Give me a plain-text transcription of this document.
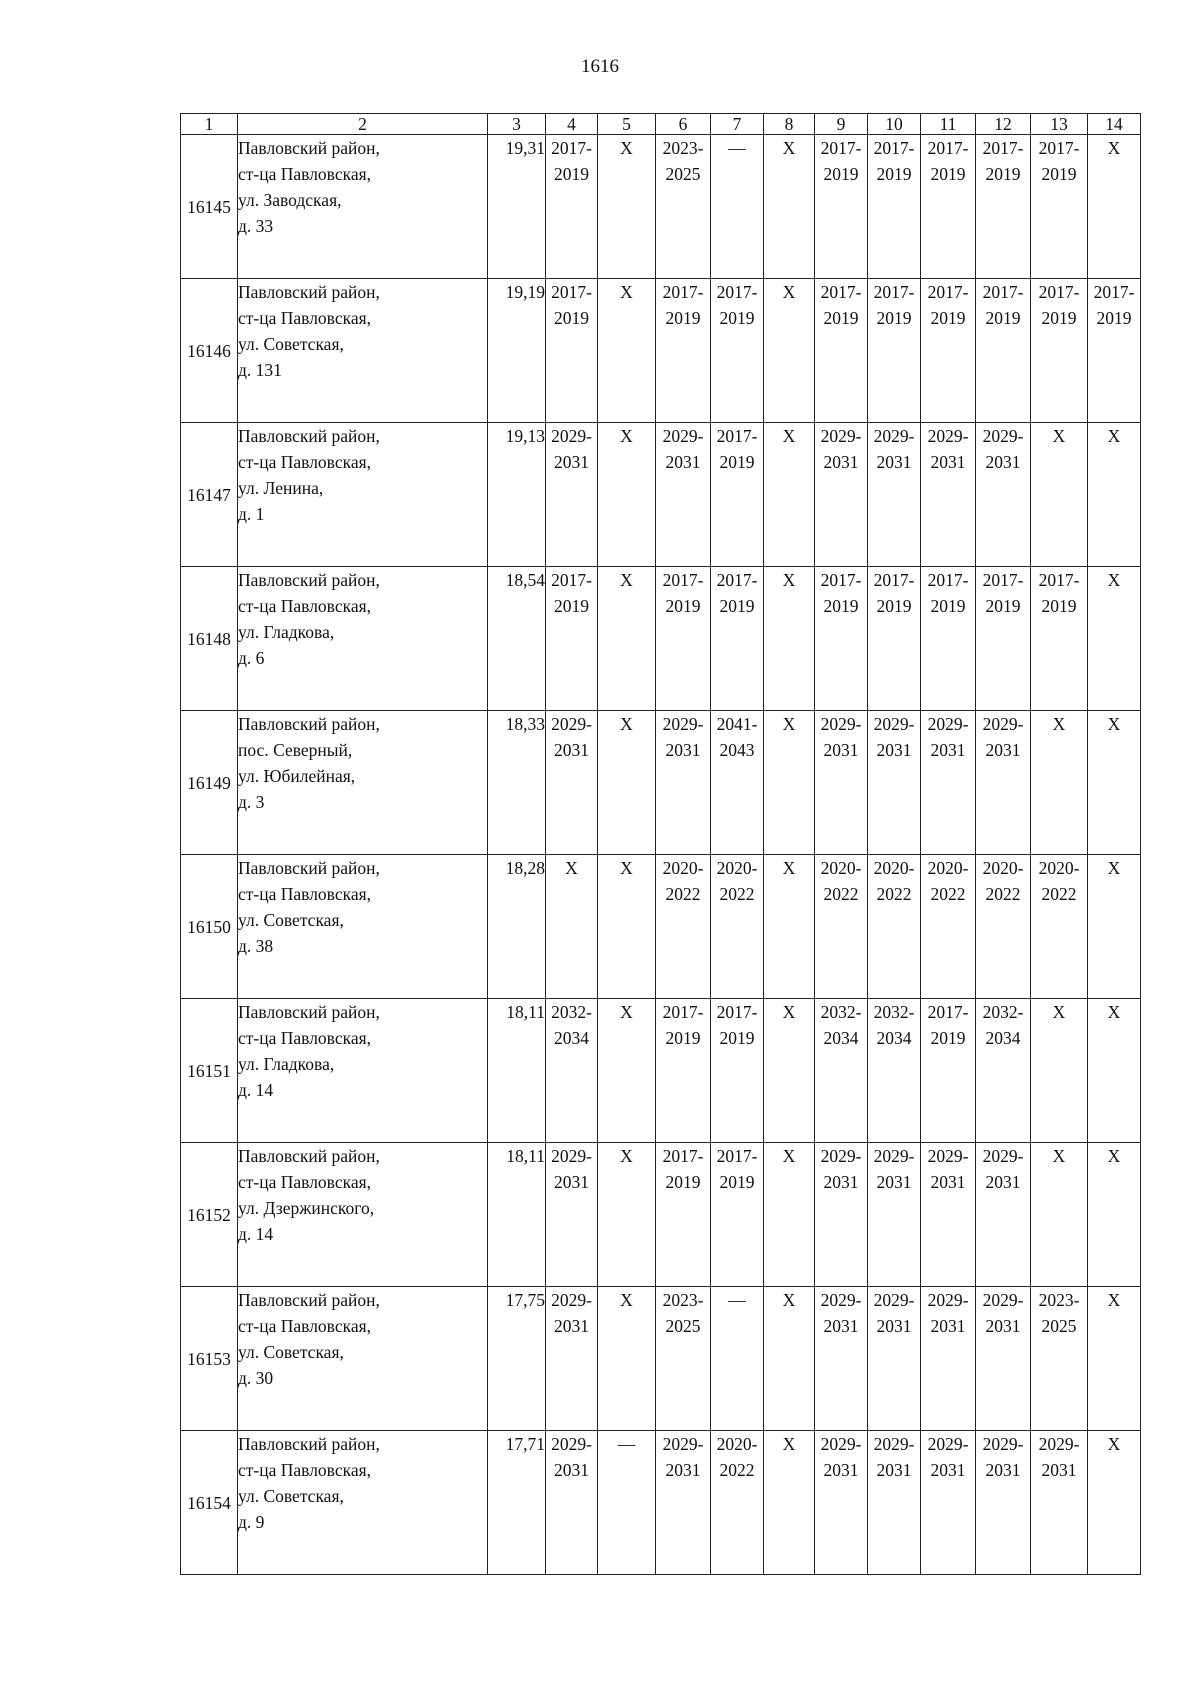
1616
1	2	3	4	5	6	7	8	9	10	11	12	13	14
16145	Павловский район,
ст-ца Павловская,
ул. Заводская,
д. 33	19,31	2017-
2019	Х	2023-
2025	—	Х	2017-
2019	2017-
2019	2017-
2019	2017-
2019	2017-
2019	Х

16146	Павловский район,
ст-ца Павловская,
ул. Советская,
д. 131	19,19	2017-
2019	Х	2017-
2019	2017-
2019	Х	2017-
2019	2017-
2019	2017-
2019	2017-
2019	2017-
2019	2017-
2019

16147	Павловский район,
ст-ца Павловская,
ул. Ленина,
д. 1	19,13	2029-
2031	Х	2029-
2031	2017-
2019	Х	2029-
2031	2029-
2031	2029-
2031	2029-
2031	Х	Х

16148	Павловский район,
ст-ца Павловская,
ул. Гладкова,
д. 6	18,54	2017-
2019	Х	2017-
2019	2017-
2019	Х	2017-
2019	2017-
2019	2017-
2019	2017-
2019	2017-
2019	Х

16149	Павловский район,
пос. Северный,
ул. Юбилейная,
д. 3	18,33	2029-
2031	Х	2029-
2031	2041-
2043	Х	2029-
2031	2029-
2031	2029-
2031	2029-
2031	Х	Х

16150	Павловский район,
ст-ца Павловская,
ул. Советская,
д. 38	18,28	Х	Х	2020-
2022	2020-
2022	Х	2020-
2022	2020-
2022	2020-
2022	2020-
2022	2020-
2022	Х

16151	Павловский район,
ст-ца Павловская,
ул. Гладкова,
д. 14	18,11	2032-
2034	Х	2017-
2019	2017-
2019	Х	2032-
2034	2032-
2034	2017-
2019	2032-
2034	Х	Х

16152	Павловский район,
ст-ца Павловская,
ул. Дзержинского,
д. 14	18,11	2029-
2031	Х	2017-
2019	2017-
2019	Х	2029-
2031	2029-
2031	2029-
2031	2029-
2031	Х	Х

16153	Павловский район,
ст-ца Павловская,
ул. Советская,
д. 30	17,75	2029-
2031	Х	2023-
2025	—	Х	2029-
2031	2029-
2031	2029-
2031	2029-
2031	2023-
2025	Х

16154	Павловский район,
ст-ца Павловская,
ул. Советская,
д. 9	17,71	2029-
2031	—	2029-
2031	2020-
2022	Х	2029-
2031	2029-
2031	2029-
2031	2029-
2031	2029-
2031	Х
